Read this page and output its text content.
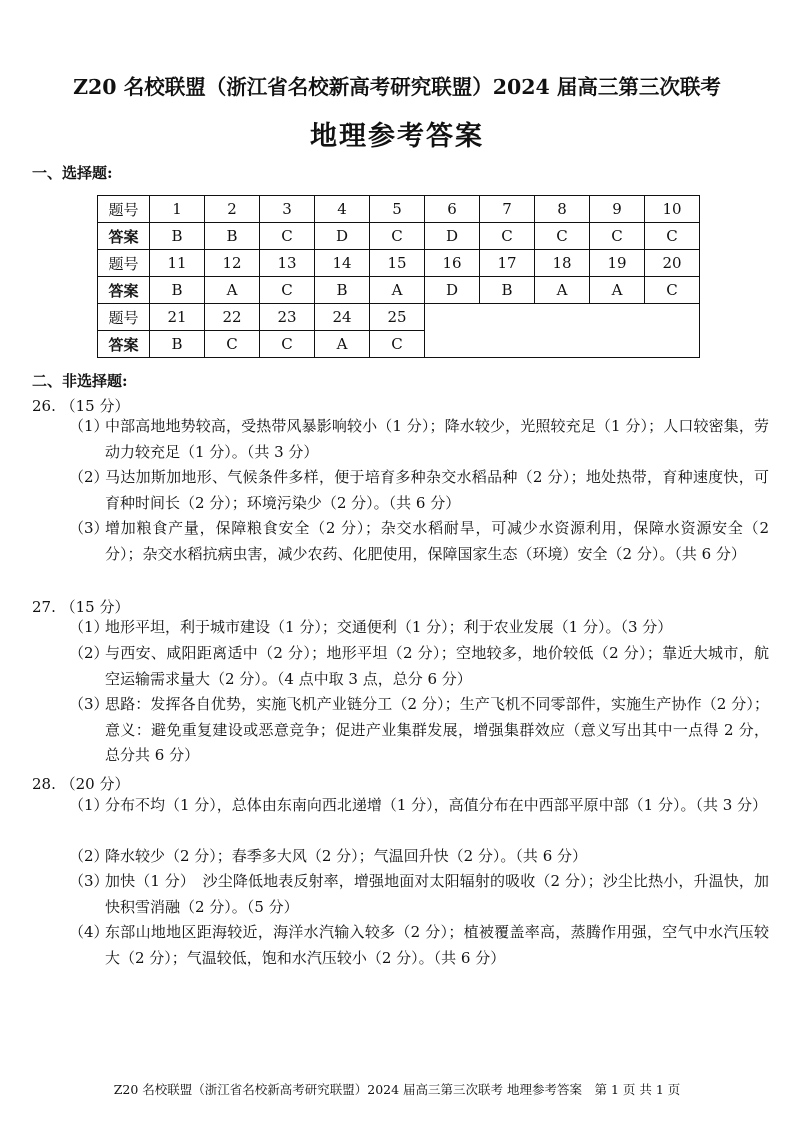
Z20 名校联盟（浙江省名校新高考研究联盟）2024 届高三第三次联考
地理参考答案
一、选择题:
题号	1	2	3	4	5	6	7	8	9	10
答案	B	B	C	D	C	D	C	C	C	C
题号	11	12	13	14	15	16	17	18	19	20
答案	B	A	C	B	A	D	B	A	A	C
题号	21	22	23	24	25					
答案	B	C	C	A	C					
二、非选择题:
26. （15 分）
（1）
中部高地地势较高，受热带风暴影响较小（1 分）；降水较少，光照较充足（1 分）；人口较密集，劳动力较充足（1 分）。（共 3 分）
（2）
马达加斯加地形、气候条件多样，便于培育多种杂交水稻品种（2 分）；地处热带，育种速度快，可育种时间长（2 分）；环境污染少（2 分）。（共 6 分）
（3）
增加粮食产量，保障粮食安全（2 分）；杂交水稻耐旱，可减少水资源利用，保障水资源安全（2 分）；杂交水稻抗病虫害，减少农药、化肥使用，保障国家生态（环境）安全（2 分）。（共 6 分）
27. （15 分）
（1）
地形平坦，利于城市建设（1 分）；交通便利（1 分）；利于农业发展（1 分）。（3 分）
（2）
与西安、咸阳距离适中（2 分）；地形平坦（2 分）；空地较多，地价较低（2 分）；靠近大城市，航空运输需求量大（2 分）。（4 点中取 3 点，总分 6 分）
（3）
思路：发挥各自优势，实施飞机产业链分工（2 分）；生产飞机不同零部件，实施生产协作（2 分）；意义：避免重复建设或恶意竞争；促进产业集群发展，增强集群效应（意义写出其中一点得 2 分，总分共 6 分）
28. （20 分）
（1）
分布不均（1 分），总体由东南向西北递增（1 分），高值分布在中西部平原中部（1 分）。（共 3 分）
（2）
降水较少（2 分）；春季多大风（2 分）；气温回升快（2 分）。（共 6 分）
（3）
加快（1 分）　沙尘降低地表反射率，增强地面对太阳辐射的吸收（2 分）；沙尘比热小，升温快，加快积雪消融（2 分）。（5 分）
（4）
东部山地地区距海较近，海洋水汽输入较多（2 分）；植被覆盖率高，蒸腾作用强，空气中水汽压较大（2 分）；气温较低，饱和水汽压较小（2 分）。（共 6 分）
Z20 名校联盟（浙江省名校新高考研究联盟）2024 届高三第三次联考 地理参考答案　第 1 页 共 1 页
